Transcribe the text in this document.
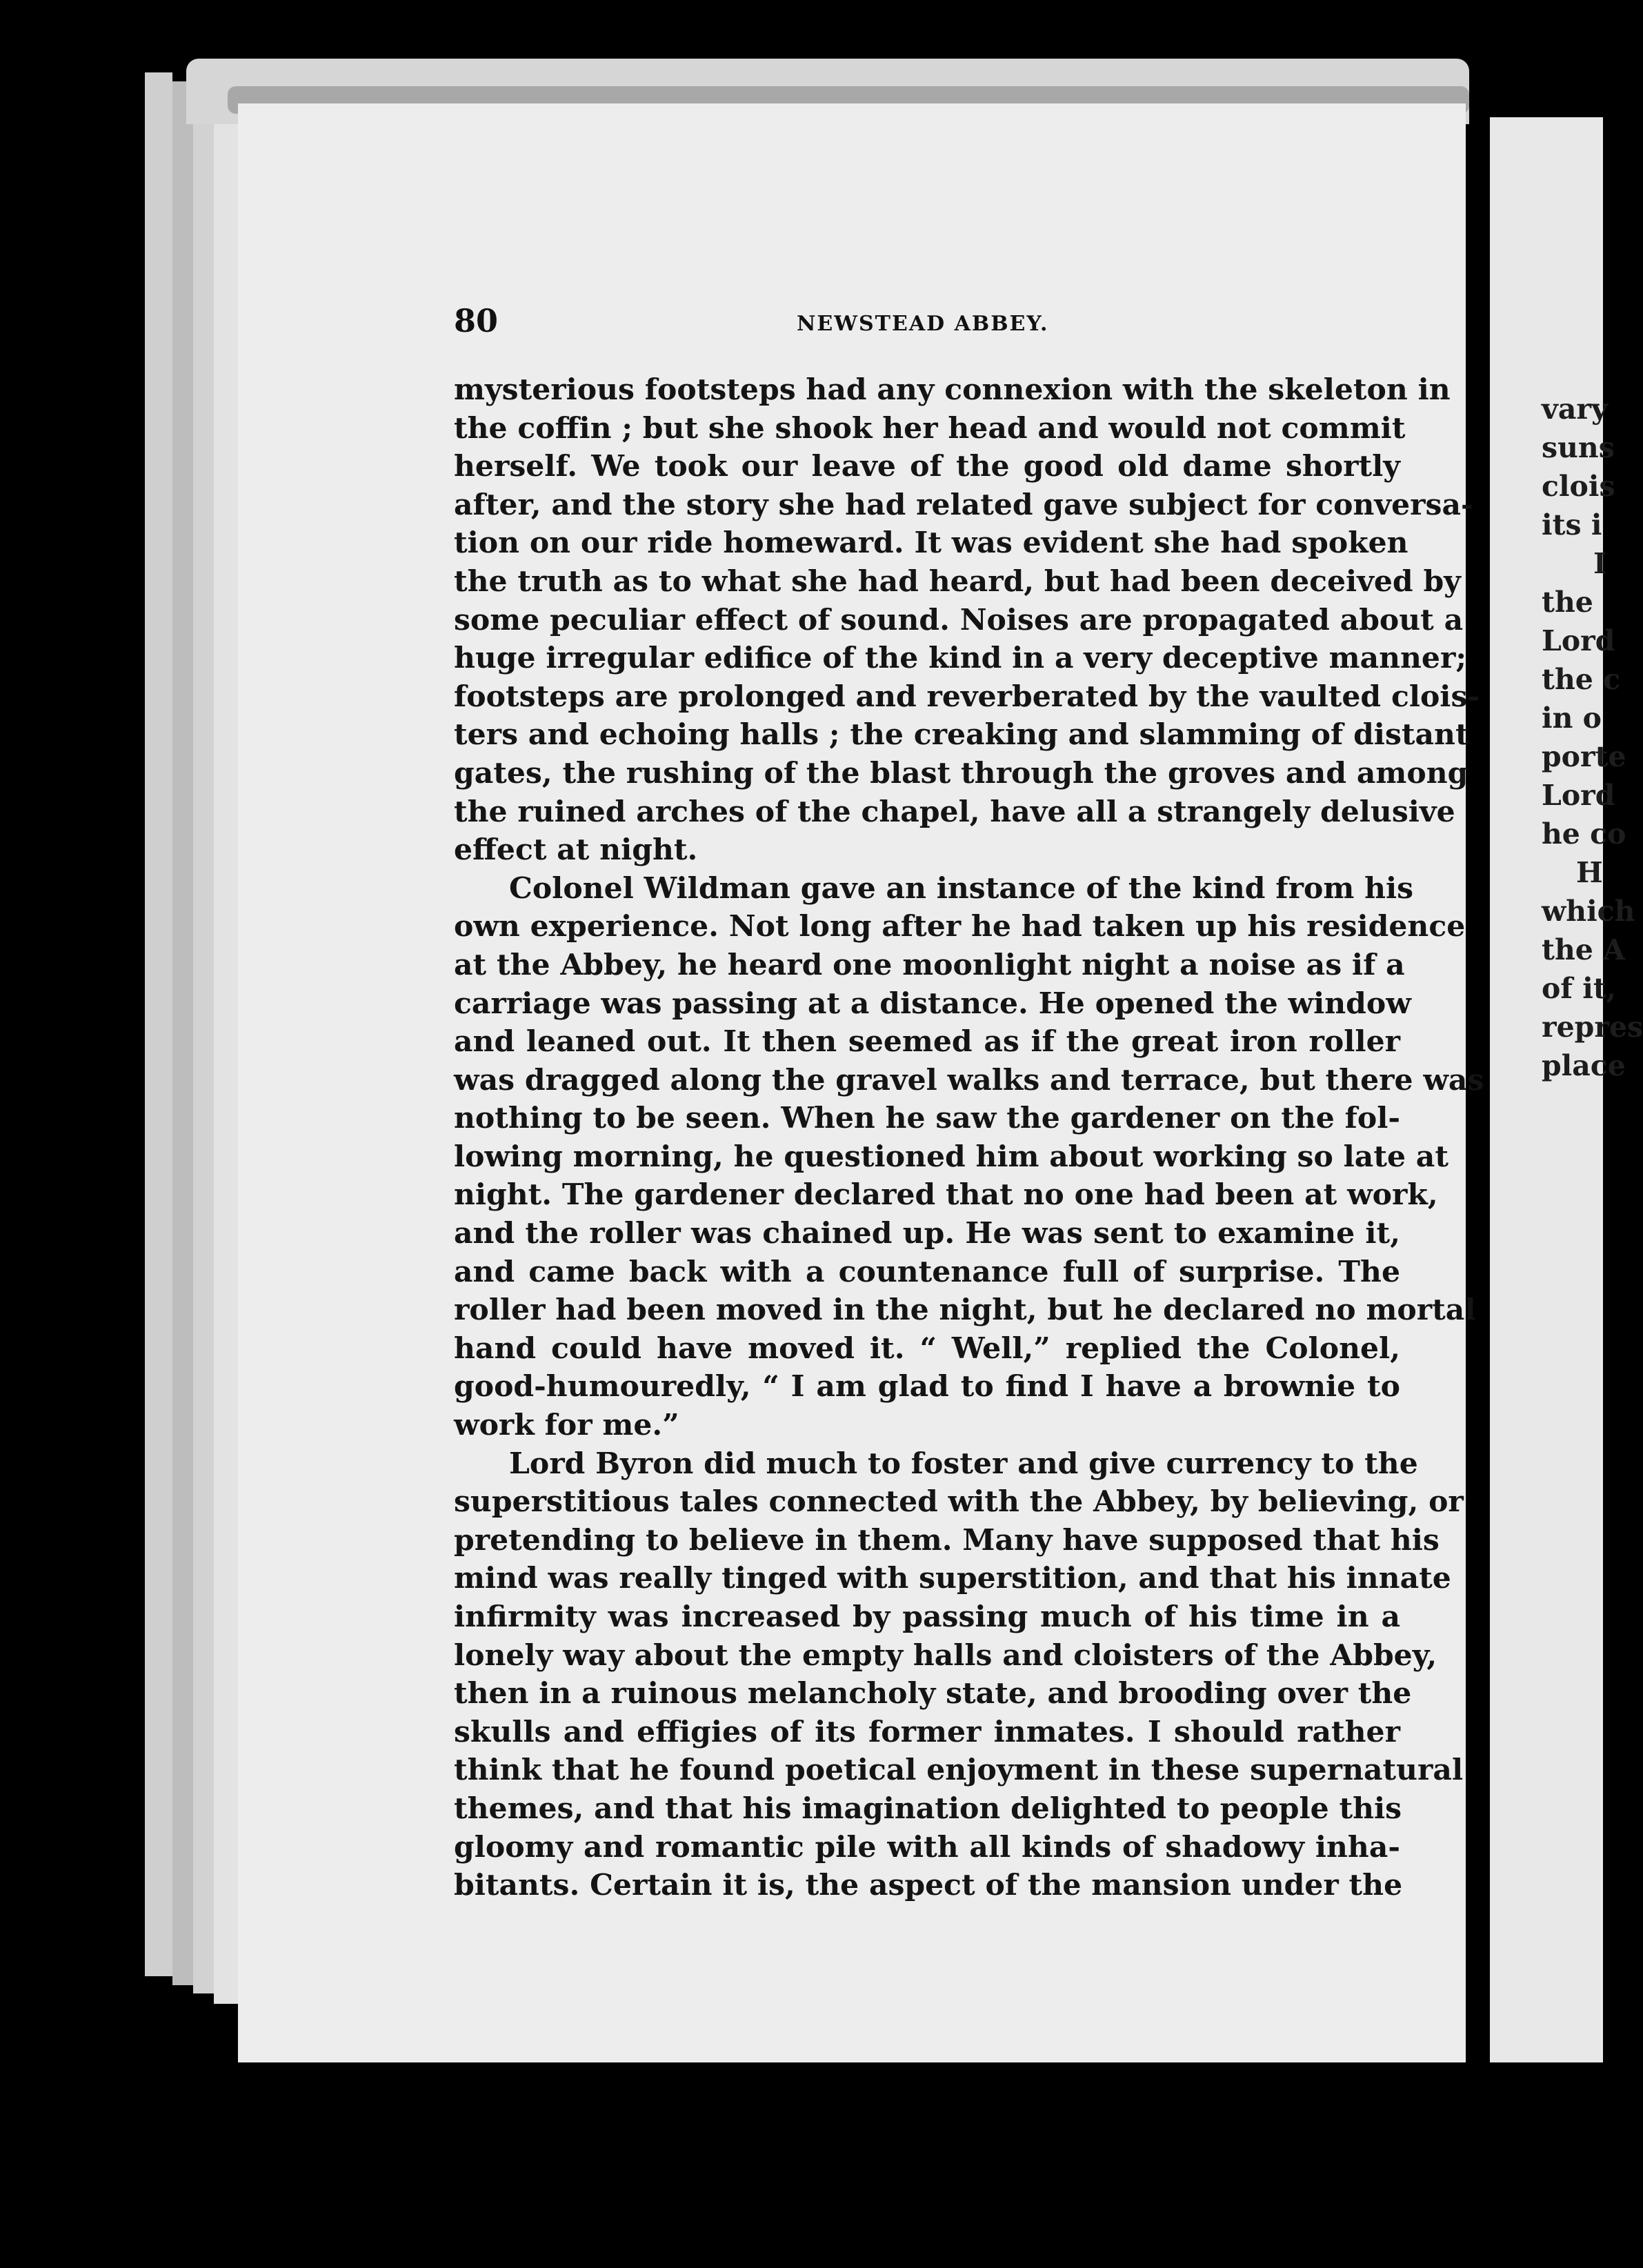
vary
suns
clois
its i
I
the
Lord
the c
in o
porte
Lord
he co
H
which
the A
of it,
repres
place
80	NEWSTEAD ABBEY.
mysterious footsteps had any connexion with the skeleton in
the coffin ; but she shook her head and would not commit
herself. We took our leave of the good old dame shortly
after, and the story she had related gave subject for conversa-
tion on our ride homeward. It was evident she had spoken
the truth as to what she had heard, but had been deceived by
some peculiar effect of sound. Noises are propagated about a
huge irregular edifice of the kind in a very deceptive manner;
footsteps are prolonged and reverberated by the vaulted clois-
ters and echoing halls ; the creaking and slamming of distant
gates, the rushing of the blast through the groves and among
the ruined arches of the chapel, have all a strangely delusive
effect at night.
Colonel Wildman gave an instance of the kind from his
own experience. Not long after he had taken up his residence
at the Abbey, he heard one moonlight night a noise as if a
carriage was passing at a distance. He opened the window
and leaned out. It then seemed as if the great iron roller
was dragged along the gravel walks and terrace, but there was
nothing to be seen. When he saw the gardener on the fol-
lowing morning, he questioned him about working so late at
night. The gardener declared that no one had been at work,
and the roller was chained up. He was sent to examine it,
and came back with a countenance full of surprise. The
roller had been moved in the night, but he declared no mortal
hand could have moved it. “ Well,” replied the Colonel,
good-humouredly, “ I am glad to find I have a brownie to
work for me.”
Lord Byron did much to foster and give currency to the
superstitious tales connected with the Abbey, by believing, or
pretending to believe in them. Many have supposed that his
mind was really tinged with superstition, and that his innate
infirmity was increased by passing much of his time in a
lonely way about the empty halls and cloisters of the Abbey,
then in a ruinous melancholy state, and brooding over the
skulls and effigies of its former inmates. I should rather
think that he found poetical enjoyment in these supernatural
themes, and that his imagination delighted to people this
gloomy and romantic pile with all kinds of shadowy inha-
bitants. Certain it is, the aspect of the mansion under the
